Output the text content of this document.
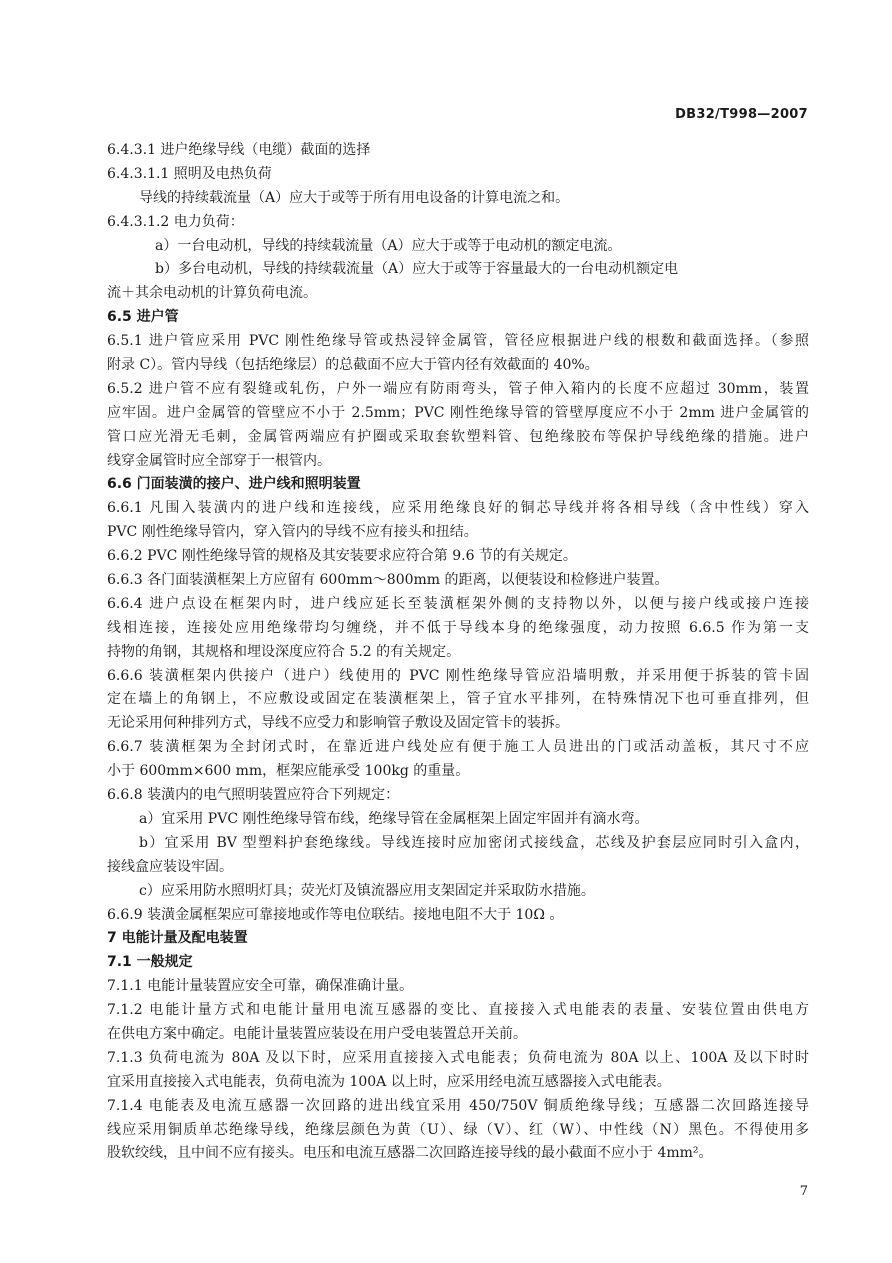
DB32/T998—2007
6.4.3.1 进户绝缘导线（电缆）截面的选择
6.4.3.1.1 照明及电热负荷
导线的持续载流量（A）应大于或等于所有用电设备的计算电流之和。
6.4.3.1.2 电力负荷：
a）一台电动机，导线的持续载流量（A）应大于或等于电动机的额定电流。
b）多台电动机，导线的持续载流量（A）应大于或等于容量最大的一台电动机额定电
流＋其余电动机的计算负荷电流。
6.5 进户管
6.5.1 进户管应采用 PVC 刚性绝缘导管或热浸锌金属管，管径应根据进户线的根数和截面选择。（参照
附录 C）。管内导线（包括绝缘层）的总截面不应大于管内径有效截面的 40%。
6.5.2 进户管不应有裂缝或轧伤，户外一端应有防雨弯头，管子伸入箱内的长度不应超过 30mm，装置
应牢固。进户金属管的管壁应不小于 2.5mm；PVC 刚性绝缘导管的管壁厚度应不小于 2mm 进户金属管的
管口应光滑无毛刺，金属管两端应有护圈或采取套软塑料管、包绝缘胶布等保护导线绝缘的措施。进户
线穿金属管时应全部穿于一根管内。
6.6 门面装潢的接户、进户线和照明装置
6.6.1 凡围入装潢内的进户线和连接线，应采用绝缘良好的铜芯导线并将各相导线（含中性线）穿入
PVC 刚性绝缘导管内，穿入管内的导线不应有接头和扭结。
6.6.2 PVC 刚性绝缘导管的规格及其安装要求应符合第 9.6 节的有关规定。
6.6.3 各门面装潢框架上方应留有 600mm～800mm 的距离，以便装设和检修进户装置。
6.6.4 进户点设在框架内时，进户线应延长至装潢框架外侧的支持物以外，以便与接户线或接户连接
线相连接，连接处应用绝缘带均匀缠绕，并不低于导线本身的绝缘强度，动力按照 6.6.5 作为第一支
持物的角钢，其规格和埋设深度应符合 5.2 的有关规定。
6.6.6 装潢框架内供接户（进户）线使用的 PVC 刚性绝缘导管应沿墙明敷，并采用便于拆装的管卡固
定在墙上的角钢上，不应敷设或固定在装潢框架上，管子宜水平排列，在特殊情况下也可垂直排列，但
无论采用何种排列方式，导线不应受力和影响管子敷设及固定管卡的装拆。
6.6.7 装潢框架为全封闭式时，在靠近进户线处应有便于施工人员进出的门或活动盖板，其尺寸不应
小于 600mm×600 mm，框架应能承受 100kg 的重量。
6.6.8 装潢内的电气照明装置应符合下列规定：
a）宜采用 PVC 刚性绝缘导管布线，绝缘导管在金属框架上固定牢固并有滴水弯。
b）宜采用 BV 型塑料护套绝缘线。导线连接时应加密闭式接线盒，芯线及护套层应同时引入盒内，
接线盒应装设牢固。
c）应采用防水照明灯具；荧光灯及镇流器应用支架固定并采取防水措施。
6.6.9 装潢金属框架应可靠接地或作等电位联结。接地电阻不大于 10Ω 。
7 电能计量及配电装置
7.1 一般规定
7.1.1 电能计量装置应安全可靠，确保准确计量。
7.1.2 电能计量方式和电能计量用电流互感器的变比、直接接入式电能表的表量、安装位置由供电方
在供电方案中确定。电能计量装置应装设在用户受电装置总开关前。
7.1.3 负荷电流为 80A 及以下时，应采用直接接入式电能表；负荷电流为 80A 以上、100A 及以下时时
宜采用直接接入式电能表，负荷电流为 100A 以上时，应采用经电流互感器接入式电能表。
7.1.4 电能表及电流互感器一次回路的进出线宜采用 450/750V 铜质绝缘导线；互感器二次回路连接导
线应采用铜质单芯绝缘导线，绝缘层颜色为黄（U）、绿（V）、红（W）、中性线（N）黑色。不得使用多
股软绞线，且中间不应有接头。电压和电流互感器二次回路连接导线的最小截面不应小于 4mm²。
7
